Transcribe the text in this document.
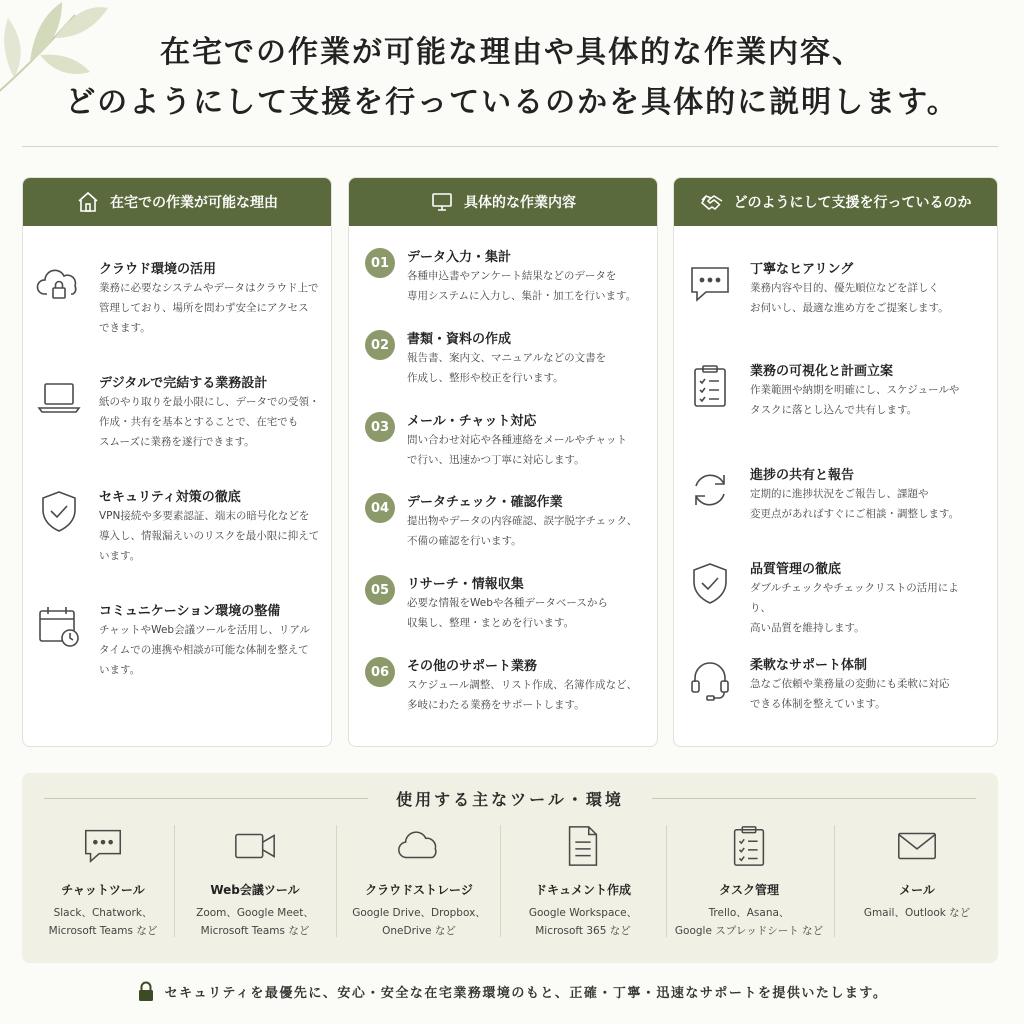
在宅での作業が可能な理由や具体的な作業内容、
どのようにして支援を行っているのかを具体的に説明します。
在宅での作業が可能な理由
クラウド環境の活用
業務に必要なシステムやデータはクラウド上で
管理しており、場所を問わず安全にアクセス
できます。
デジタルで完結する業務設計
紙のやり取りを最小限にし、データでの受領・
作成・共有を基本とすることで、在宅でも
スムーズに業務を遂行できます。
セキュリティ対策の徹底
VPN接続や多要素認証、端末の暗号化などを
導入し、情報漏えいのリスクを最小限に抑えて
います。
コミュニケーション環境の整備
チャットやWeb会議ツールを活用し、リアル
タイムでの連携や相談が可能な体制を整えて
います。
具体的な作業内容
01	データ入力・集計
各種申込書やアンケート結果などのデータを
専用システムに入力し、集計・加工を行います。
02	書類・資料の作成
報告書、案内文、マニュアルなどの文書を
作成し、整形や校正を行います。
03	メール・チャット対応
問い合わせ対応や各種連絡をメールやチャット
で行い、迅速かつ丁寧に対応します。
04	データチェック・確認作業
提出物やデータの内容確認、誤字脱字チェック、
不備の確認を行います。
05	リサーチ・情報収集
必要な情報をWebや各種データベースから
収集し、整理・まとめを行います。
06	その他のサポート業務
スケジュール調整、リスト作成、名簿作成など、
多岐にわたる業務をサポートします。
どのようにして支援を行っているのか
丁寧なヒアリング
業務内容や目的、優先順位などを詳しく
お伺いし、最適な進め方をご提案します。
業務の可視化と計画立案
作業範囲や納期を明確にし、スケジュールや
タスクに落とし込んで共有します。
進捗の共有と報告
定期的に進捗状況をご報告し、課題や
変更点があればすぐにご相談・調整します。
品質管理の徹底
ダブルチェックやチェックリストの活用により、
高い品質を維持します。
柔軟なサポート体制
急なご依頼や業務量の変動にも柔軟に対応
できる体制を整えています。
使用する主なツール・環境
チャットツール
Slack、Chatwork、
Microsoft Teams など
Web会議ツール
Zoom、Google Meet、
Microsoft Teams など
クラウドストレージ
Google Drive、Dropbox、
OneDrive など
ドキュメント作成
Google Workspace、
Microsoft 365 など
タスク管理
Trello、Asana、
Google スプレッドシート など
メール
Gmail、Outlook など
セキュリティを最優先に、安心・安全な在宅業務環境のもと、正確・丁寧・迅速なサポートを提供いたします。
